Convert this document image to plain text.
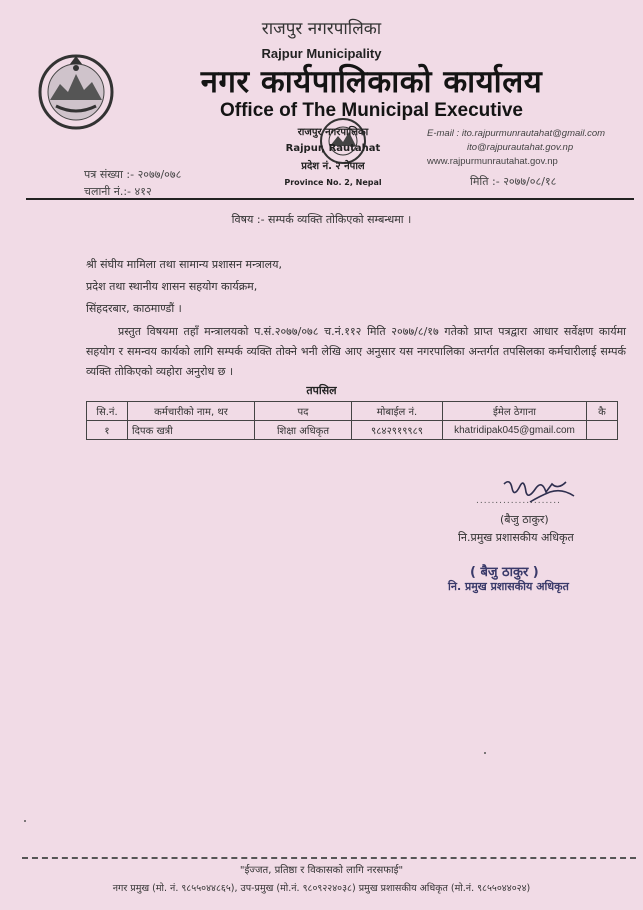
राजपुर नगरपालिका
Rajpur Municipality
नगर कार्यपालिकाको कार्यालय
Office of The Municipal Executive
राजपुर नगरपालिका
Rajpur, Rautahat
प्रदेश नं. २ नेपाल
Province No. 2, Nepal
E-mail : ito.rajpurmunrautahat@gmail.com
ito@rajpurautahat.gov.np
www.rajpurmunrautahat.gov.np
पत्र संख्या :- २०७७/०७८
चलानी नं.:- ४१२
मिति :- २०७७/०८/१८
विषय :- सम्पर्क व्यक्ति तोकिएको सम्बन्धमा ।
श्री संघीय मामिला तथा सामान्य प्रशासन मन्त्रालय,
प्रदेश तथा स्थानीय शासन सहयोग कार्यक्रम,
सिंहदरबार, काठमाण्डौं ।
प्रस्तुत विषयमा तहाँ मन्त्रालयको प.सं.२०७७/०७८ च.नं.११२ मिति २०७७/८/१७ गतेको प्राप्त पत्रद्वारा आधार सर्वेक्षण कार्यमा सहयोग र समन्वय कार्यको लागि सम्पर्क व्यक्ति तोक्ने भनी लेखि आए अनुसार यस नगरपालिका अन्तर्गत तपसिलका कर्मचारीलाई सम्पर्क व्यक्ति तोकिएको व्यहोरा अनुरोध छ ।
तपसिल
सि.नं.	कर्मचारीको नाम, थर	पद	मोबाईल नं.	ईमेल ठेगाना	कै
१	दिपक खत्री	शिक्षा अधिकृत	९८४२९१९९८९	khatridipak045@gmail.com	
......................
(बैजु ठाकुर)
नि.प्रमुख प्रशासकीय अधिकृत
( बैजु ठाकुर )
नि. प्रमुख प्रशासकीय अधिकृत
"ईज्जत, प्रतिष्ठा र विकासको लागि नरसफाई"
नगर प्रमुख (मो. नं. ९८५५०४४८६५), उप-प्रमुख (मो.नं. ९८०९२२४०३८) प्रमुख प्रशासकीय अधिकृत (मो.नं. ९८५५०४४०२४)
